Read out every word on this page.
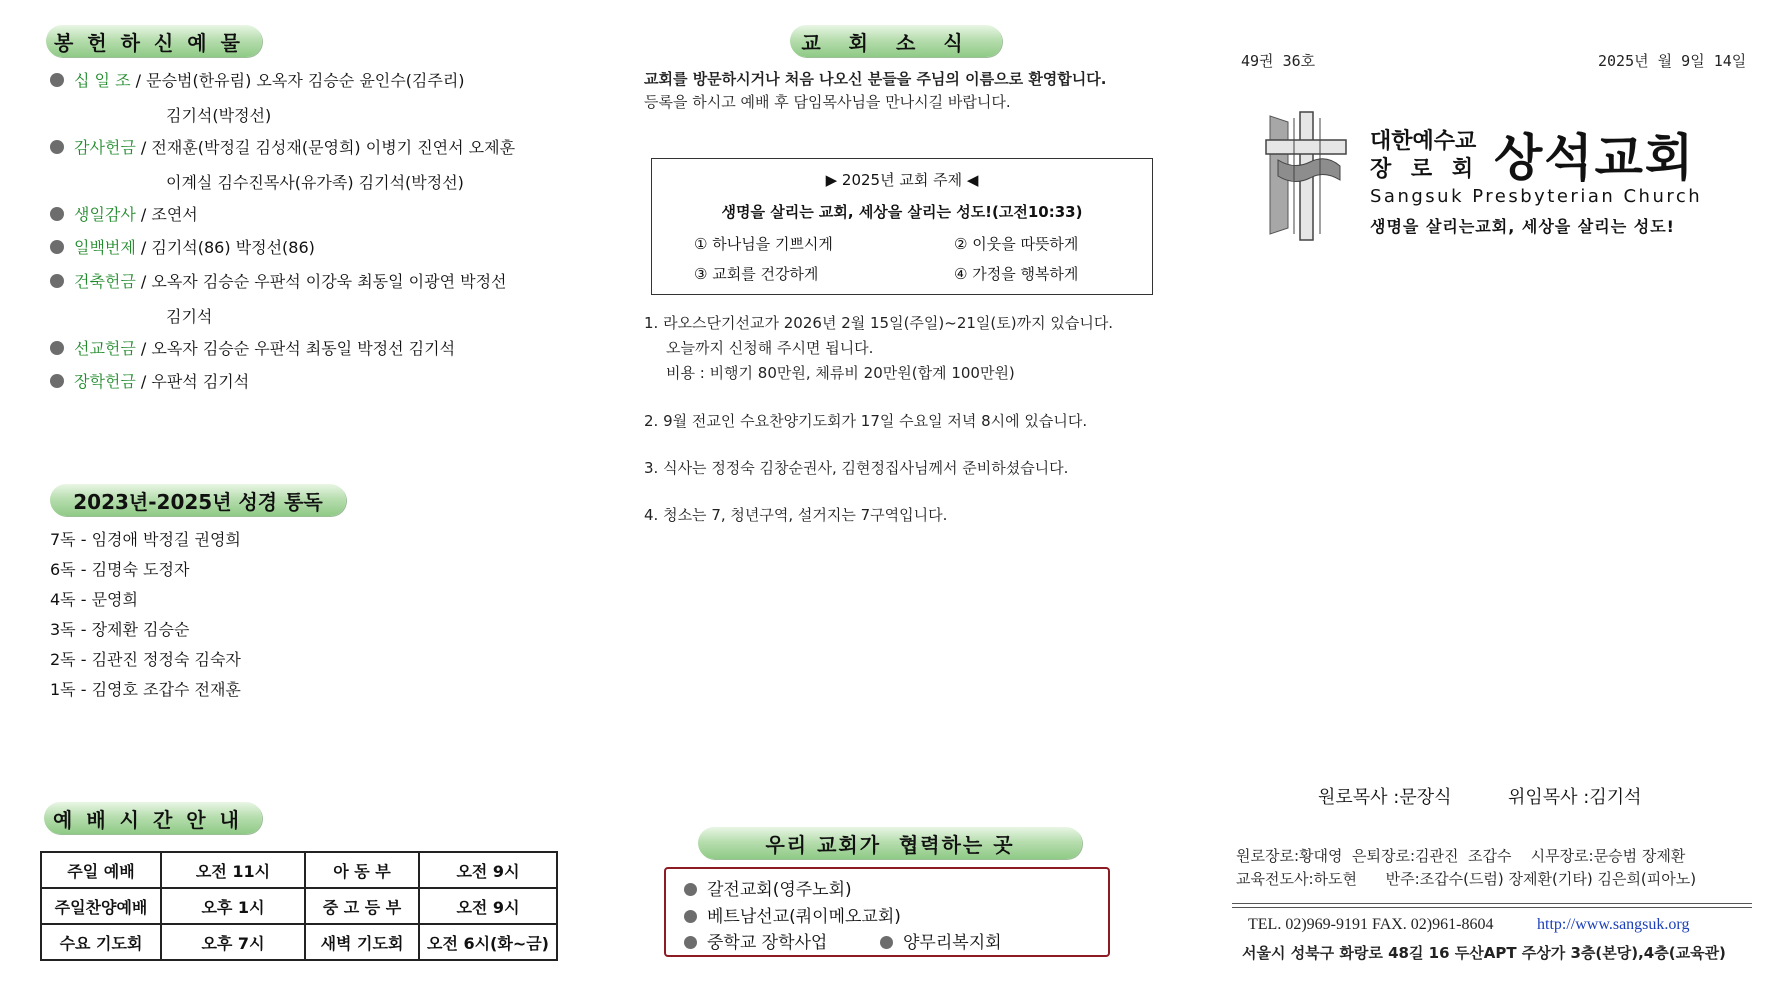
봉헌하신예물
십 일 조 / 문승범(한유림) 오옥자 김승순 윤인수(김주리)
김기석(박정선)
감사헌금 / 전재훈(박정길 김성재(문영희) 이병기 진연서 오제훈
이계실 김수진목사(유가족) 김기석(박정선)
생일감사 / 조연서
일백번제 / 김기석(86) 박정선(86)
건축헌금 / 오옥자 김승순 우판석 이강욱 최동일 이광연 박정선
김기석
선교헌금 / 오옥자 김승순 우판석 최동일 박정선 김기석
장학헌금 / 우판석 김기석
2023년-2025년 성경 통독
7독 - 임경애 박정길 권영희
6독 - 김명숙 도정자
4독 - 문영희
3독 - 장제환 김승순
2독 - 김관진 정정숙 김숙자
1독 - 김영호 조갑수 전재훈
예배시간안내
주일 예배	오전 11시	아 동 부	오전 9시
주일찬양예배	오후 1시	중 고 등 부	오전 9시
수요 기도회	오후 7시	새벽 기도회	오전 6시(화~금)
교회소식
교회를 방문하시거나 처음 나오신 분들을 주님의 이름으로 환영합니다.
등록을 하시고 예배 후 담임목사님을 만나시길 바랍니다.
▶ 2025년 교회 주제 ◀
생명을 살리는 교회, 세상을 살리는 성도!(고전10:33)
① 하나님을 기쁘시게	② 이웃을 따뜻하게
③ 교회를 건강하게	④ 가정을 행복하게
1. 라오스단기선교가 2026년 2월 15일(주일)~21일(토)까지 있습니다.
오늘까지 신청해 주시면 됩니다.
비용 : 비행기 80만원, 체류비 20만원(합계 100만원)
2. 9월 전교인 수요찬양기도회가 17일 수요일 저녁 8시에 있습니다.
3. 식사는 정정숙 김창순권사, 김현정집사님께서 준비하셨습니다.
4. 청소는 7, 청년구역, 설거지는 7구역입니다.
우리 교회가  협력하는 곳
갈전교회(영주노회)
베트남선교(쿼이메오교회)
중학교 장학사업	양무리복지회
49권 36호	2025년 월 9일 14일
대한예수교
장 로 회 상석교회
Sangsuk Presbyterian Church
생명을 살리는교회, 세상을 살리는 성도!
원로목사 :문장식	위임목사 :김기석
원로장로:황대영  은퇴장로:김관진  조갑수    시무장로:문승범 장제환
교육전도사:하도현      반주:조갑수(드럼) 장제환(기타) 김은희(피아노)
TEL. 02)969-9191 FAX. 02)961-8604	http://www.sangsuk.org
서울시 성북구 화랑로 48길 16 두산APT 주상가 3층(본당),4층(교육관)
